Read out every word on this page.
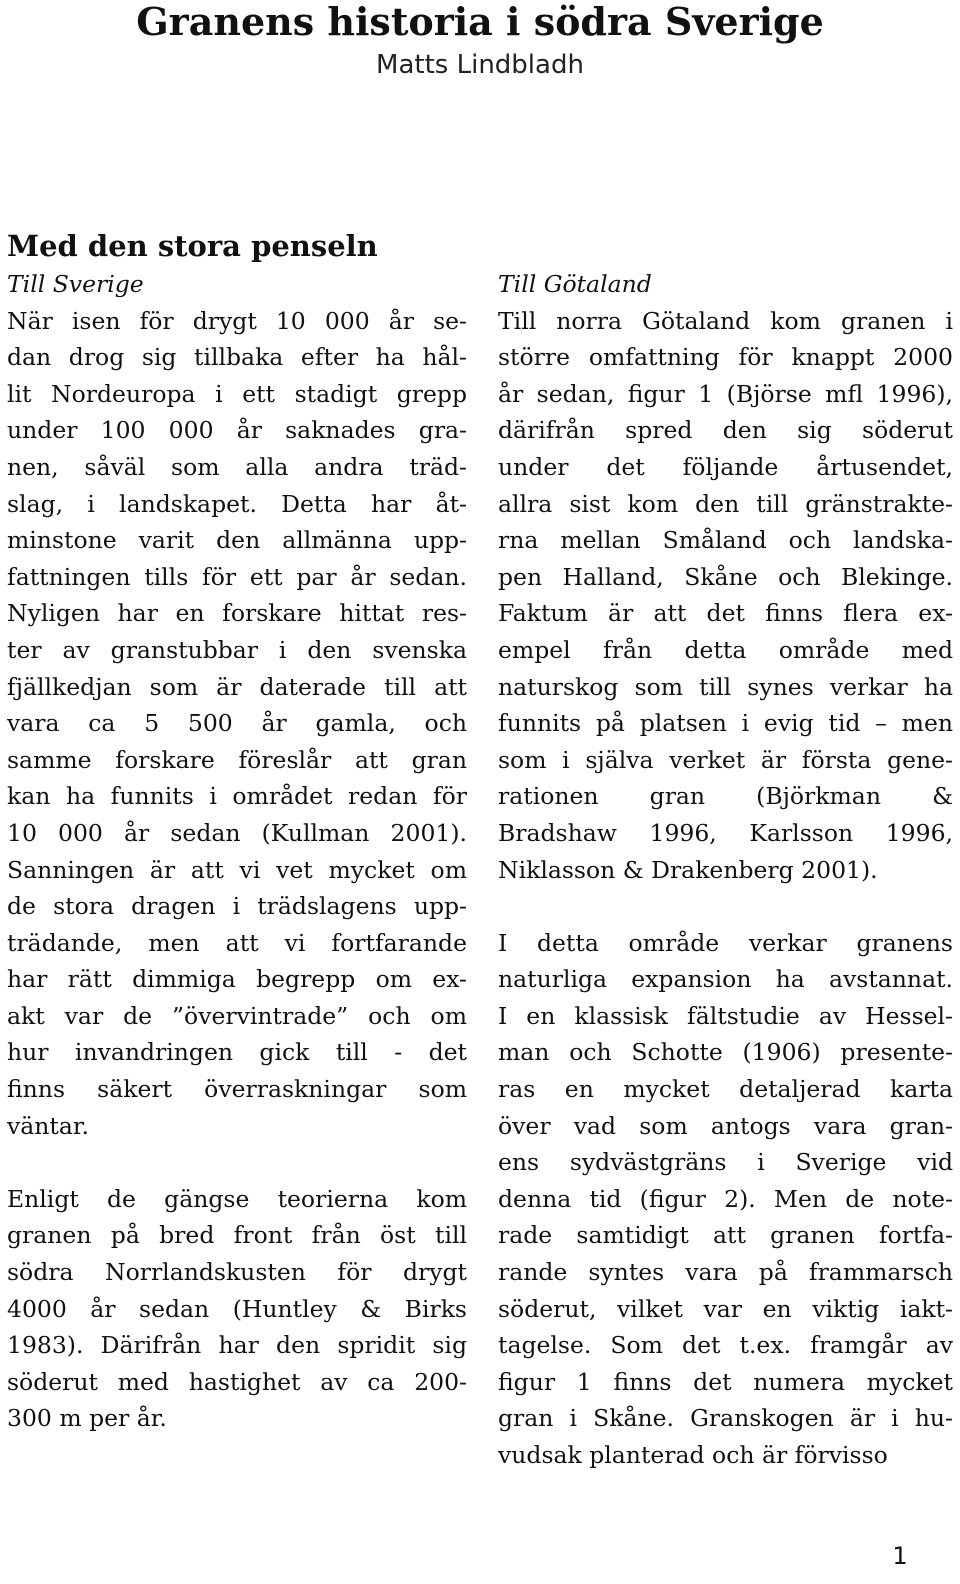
Granens historia i södra Sverige
Matts Lindbladh
Med den stora penseln
Till Sverige
När isen för drygt 10 000 år se-
dan drog sig tillbaka efter ha hål-
lit Nordeuropa i ett stadigt grepp
under 100 000 år saknades gra-
nen, såväl som alla andra träd-
slag, i landskapet. Detta har åt-
minstone varit den allmänna upp-
fattningen tills för ett par år sedan.
Nyligen har en forskare hittat res-
ter av granstubbar i den svenska
fjällkedjan som är daterade till att
vara ca 5 500 år gamla, och
samme forskare föreslår att gran
kan ha funnits i området redan för
10 000 år sedan (Kullman 2001).
Sanningen är att vi vet mycket om
de stora dragen i trädslagens upp-
trädande, men att vi fortfarande
har rätt dimmiga begrepp om ex-
akt var de ”övervintrade” och om
hur invandringen gick till - det
finns säkert överraskningar som
väntar.
Enligt de gängse teorierna kom
granen på bred front från öst till
södra Norrlandskusten för drygt
4000 år sedan (Huntley & Birks
1983). Därifrån har den spridit sig
söderut med hastighet av ca 200-
300 m per år.
Till Götaland
Till norra Götaland kom granen i
större omfattning för knappt 2000
år sedan, figur 1 (Björse mfl 1996),
därifrån spred den sig söderut
under det följande årtusendet,
allra sist kom den till gränstrakte-
rna mellan Småland och landska-
pen Halland, Skåne och Blekinge.
Faktum är att det finns flera ex-
empel från detta område med
naturskog som till synes verkar ha
funnits på platsen i evig tid – men
som i själva verket är första gene-
rationen gran (Björkman &
Bradshaw 1996, Karlsson 1996,
Niklasson & Drakenberg 2001).
I detta område verkar granens
naturliga expansion ha avstannat.
I en klassisk fältstudie av Hessel-
man och Schotte (1906) presente-
ras en mycket detaljerad karta
över vad som antogs vara gran-
ens sydvästgräns i Sverige vid
denna tid (figur 2). Men de note-
rade samtidigt att granen fortfa-
rande syntes vara på frammarsch
söderut, vilket var en viktig iakt-
tagelse. Som det t.ex. framgår av
figur 1 finns det numera mycket
gran i Skåne. Granskogen är i hu-
vudsak planterad och är förvisso
1
